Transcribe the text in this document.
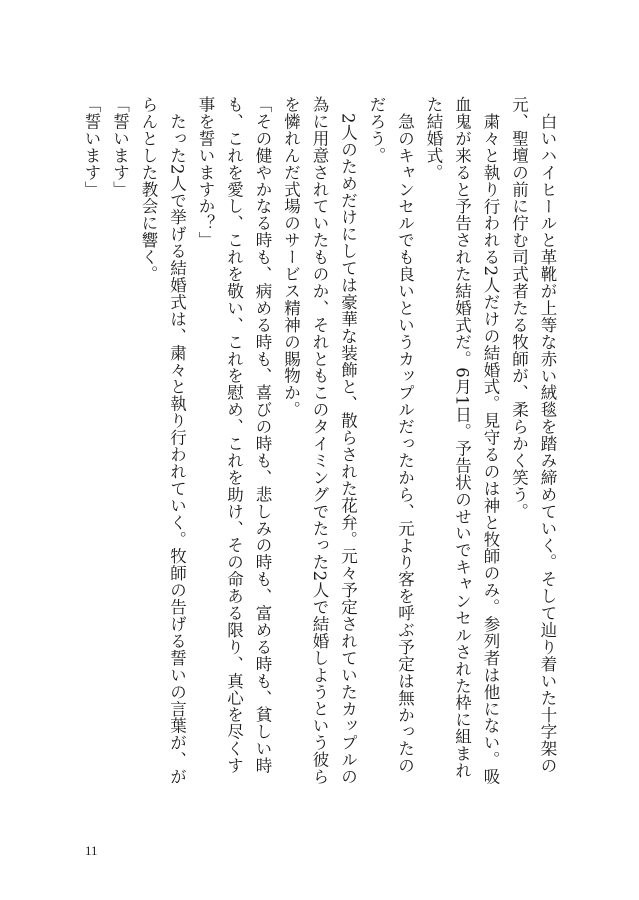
白いハイヒールと革靴が上等な赤い絨毯を踏み締めていく。そして辿り着いた十字架の元、聖壇の前に佇む司式者たる牧師が、柔らかく笑う。

粛々と執り行われる2人だけの結婚式。見守るのは神と牧師のみ。参列者は他にない。吸血鬼が来ると予告された結婚式だ。6月1日。予告状のせいでキャンセルされた枠に組まれた結婚式。

急のキャンセルでも良いというカップルだったから、元より客を呼ぶ予定は無かったのだろう。

2人のためだけにしては豪華な装飾と、散らされた花弁。元々予定されていたカップルの為に用意されていたものか、それともこのタイミングでたった2人で結婚しようという彼らを憐れんだ式場のサービス精神の賜物か。

「その健やかなる時も、病める時も、喜びの時も、悲しみの時も、富める時も、貧しい時も、これを愛し、これを敬い、これを慰め、これを助け、その命ある限り、真心を尽くす事を誓いますか？」

たった2人で挙げる結婚式は、粛々と執り行われていく。牧師の告げる誓いの言葉が、がらんとした教会に響く。

「誓います」

「誓います」

11
